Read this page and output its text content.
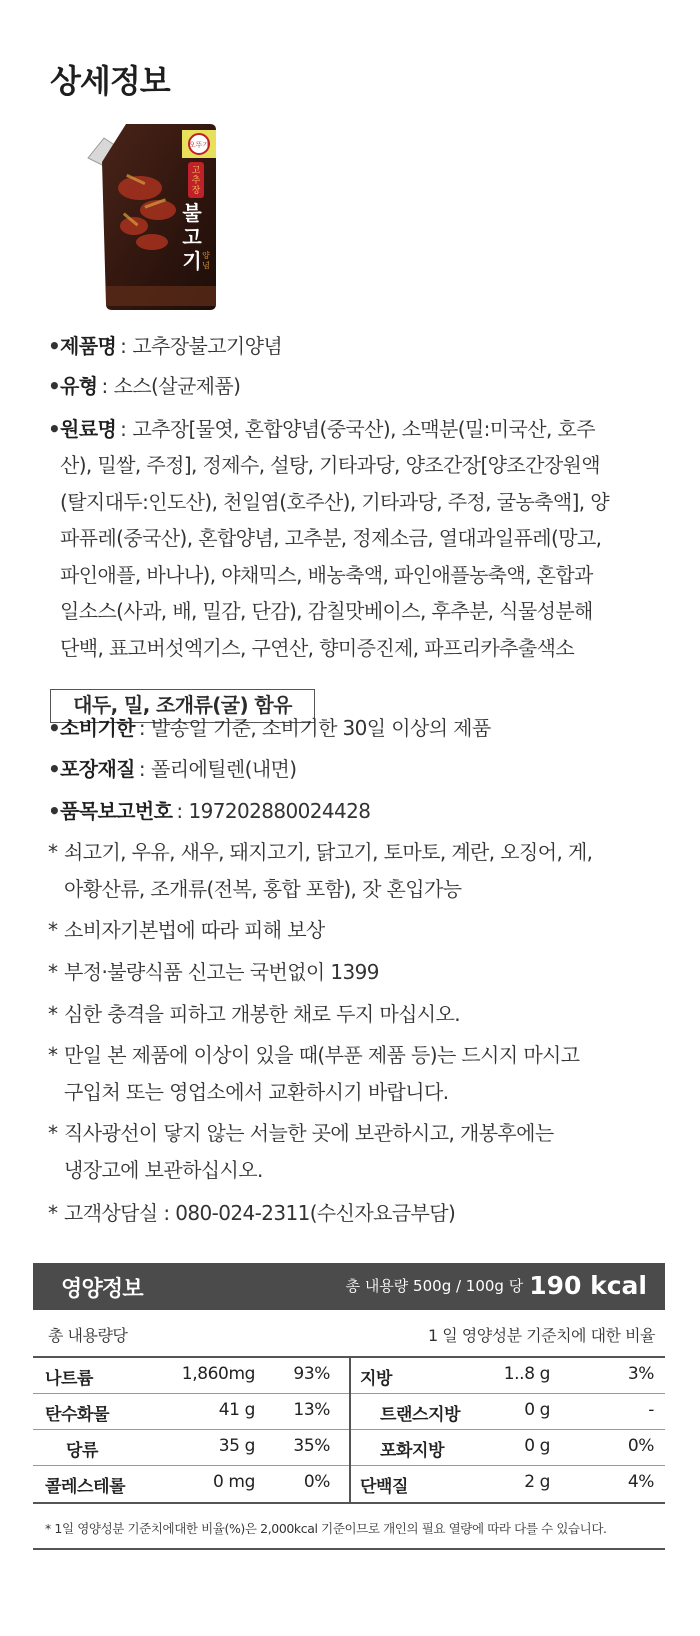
상세정보
오뚜기
고
추
장
불
고
기 양
념
•제품명 : 고추장불고기양념
•유형 : 소스(살균제품)
•원료명 : 고추장[물엿, 혼합양념(중국산), 소맥분(밀:미국산, 호주
산), 밀쌀, 주정], 정제수, 설탕, 기타과당, 양조간장[양조간장원액
(탈지대두:인도산), 천일염(호주산), 기타과당, 주정, 굴농축액], 양
파퓨레(중국산), 혼합양념, 고추분, 정제소금, 열대과일퓨레(망고,
파인애플, 바나나), 야채믹스, 배농축액, 파인애플농축액, 혼합과
일소스(사과, 배, 밀감, 단감), 감칠맛베이스, 후추분, 식물성분해
단백, 표고버섯엑기스, 구연산, 향미증진제, 파프리카추출색소
대두, 밀, 조개류(굴) 함유
•소비기한 : 발송일 기준, 소비기한 30일 이상의 제품
•포장재질 : 폴리에틸렌(내면)
•품목보고번호 : 197202880024428
* 쇠고기, 우유, 새우, 돼지고기, 닭고기, 토마토, 계란, 오징어, 게,
아황산류, 조개류(전복, 홍합 포함), 잣 혼입가능
* 소비자기본법에 따라 피해 보상
* 부정·불량식품 신고는 국번없이 1399
* 심한 충격을 피하고 개봉한 채로 두지 마십시오.
* 만일 본 제품에 이상이 있을 때(부푼 제품 등)는 드시지 마시고
구입처 또는 영업소에서 교환하시기 바랍니다.
* 직사광선이 닿지 않는 서늘한 곳에 보관하시고, 개봉후에는
냉장고에 보관하십시오.
* 고객상담실 : 080-024-2311(수신자요금부담)
영양정보	총 내용량 500g / 100g 당 190 kcal
총 내용량당	1 일 영양성분 기준치에 대한 비율
나트륨	1,860mg 93% 지방	1..8 g	3%
탄수화물	41 g 13%	트랜스지방	0 g	-
당류	35 g 35%	포화지방	0 g	0%
콜레스테롤	0 mg	0% 단백질	2 g	4%
* 1일 영양성분 기준치에대한 비율(%)은 2,000kcal 기준이므로 개인의 필요 열량에 따라 다를 수 있습니다.
